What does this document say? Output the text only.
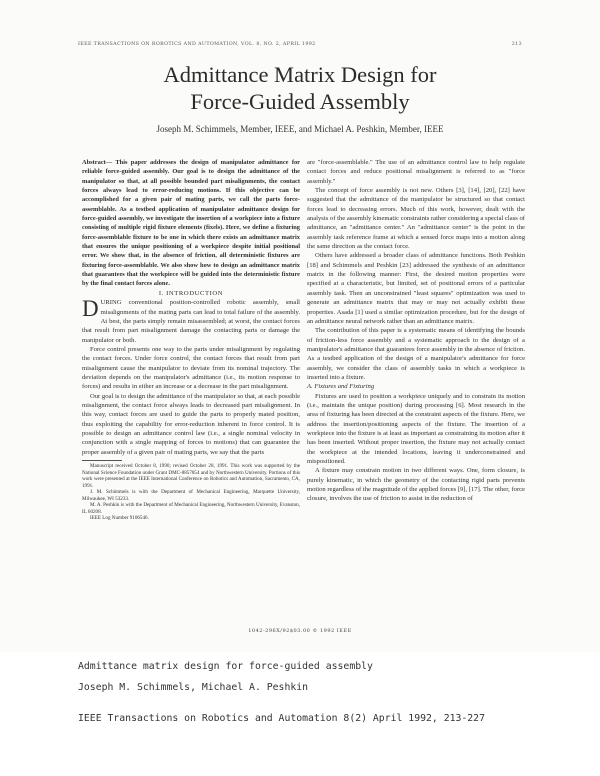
IEEE TRANSACTIONS ON ROBOTICS AND AUTOMATION, VOL. 8, NO. 2, APRIL 1992	213
Admittance Matrix Design for
Force-Guided Assembly
Joseph M. Schimmels, Member, IEEE, and Michael A. Peshkin, Member, IEEE

Abstract— This paper addresses the design of manipulator admittance for reliable force-guided assembly. Our goal is to design the admittance of the manipulator so that, at all possible bounded part misalignments, the contact forces always lead to error-reducing motions. If this objective can be accomplished for a given pair of mating parts, we call the parts force-assemblable. As a testbed application of manipulator admittance design for force-guided assembly, we investigate the insertion of a workpiece into a fixture consisting of multiple rigid fixture elements (fixels). Here, we define a fixturing force-assemblable fixture to be one in which there exists an admittance matrix that ensures the unique positioning of a workpiece despite initial positional error. We show that, in the absence of friction, all deterministic fixtures are fixturing force-assemblable. We also show how to design an admittance matrix that guarantees that the workpiece will be guided into the deterministic fixture by the final contact forces alone.

I. INTRODUCTION

DURING conventional position-controlled robotic assembly, small misalignments of the mating parts can lead to total failure of the assembly. At best, the parts simply remain misassembled; at worst, the contact forces that result from part misalignment damage the contacting parts or damage the manipulator or both.

Force control presents one way to the parts under misalignment by regulating the contact forces. Under force control, the contact forces that result from part misalignment cause the manipulator to deviate from its nominal trajectory. The deviation depends on the manipulator's admittance (i.e., its motion response to forces) and results in either an increase or a decrease in the part misalignment.

Our goal is to design the admittance of the manipulator so that, at each possible misalignment, the contact force always leads to decreased part misalignment. In this way, contact forces are used to guide the parts to properly mated position, thus exploiting the capability for error-reduction inherent in force control. It is possible to design an admittance control law (i.e., a single nominal velocity in conjunction with a single mapping of forces to motions) that can guarantee the proper assembly of a given pair of mating parts, we say that the parts

Manuscript received October 8, 1990; revised October 28, 1991. This work was supported by the National Science Foundation under Grant DMC-8857854 and by Northwestern University. Portions of this work were presented at the IEEE International Conference on Robotics and Automation, Sacramento, CA, 1991.

J. M. Schimmels is with the Department of Mechanical Engineering, Marquette University, Milwaukee, WI 53233.

M. A. Peshkin is with the Department of Mechanical Engineering, Northwestern University, Evanston, IL 60208.

IEEE Log Number 9106546.

are "force-assemblable." The use of an admittance control law to help regulate contact forces and reduce positional misalignment is referred to as "force assembly."

The concept of force assembly is not new. Others [3], [14], [20], [22] have suggested that the admittance of the manipulator be structured so that contact forces lead to decreasing errors. Much of this work, however, dealt with the analysis of the assembly kinematic constraints rather considering a special class of admittance, an "admittance center." An "admittance center" is the point in the assembly task reference frame at which a sensed force maps into a motion along the same direction as the contact force.

Others have addressed a broader class of admittance functions. Both Peshkin [18] and Schimmels and Peshkin [23] addressed the synthesis of an admittance matrix in the following manner: First, the desired motion properties were specified at a characteristic, but limited, set of positional errors of a particular assembly task. Then an unconstrained "least squares" optimization was used to generate an admittance matrix that may or may not actually exhibit these properties. Asada [1] used a similar optimization procedure, but for the design of an admittance neural network rather than an admittance matrix.

The contribution of this paper is a systematic means of identifying the bounds of friction-less force assembly and a systematic approach to the design of a manipulator's admittance that guarantees force assembly in the absence of friction. As a testbed application of the design of a manipulator's admittance for force assembly, we consider the class of assembly tasks in which a workpiece is inserted into a fixture.

A. Fixtures and Fixturing

Fixtures are used to position a workpiece uniquely and to constrain its motion (i.e., maintain the unique position) during processing [6]. Most research in the area of fixturing has been directed at the constraint aspects of the fixture. Here, we address the insertion/positioning aspects of the fixture. The insertion of a workpiece into the fixture is at least as important as constraining its motion after it has been inserted. Without proper insertion, the fixture may not actually contact the workpiece at the intended locations, leaving it underconstrained and mispositioned.

A fixture may constrain motion in two different ways. One, form closure, is purely kinematic, in which the geometry of the contacting rigid parts prevents motion regardless of the magnitude of the applied forces [9], [17]. The other, force closure, involves the use of friction to assist in the reduction of

1042-296X/92$03.00 © 1992 IEEE
Admittance matrix design for force-guided assembly
Joseph M. Schimmels, Michael A. Peshkin
IEEE Transactions on Robotics and Automation 8(2) April 1992, 213-227
